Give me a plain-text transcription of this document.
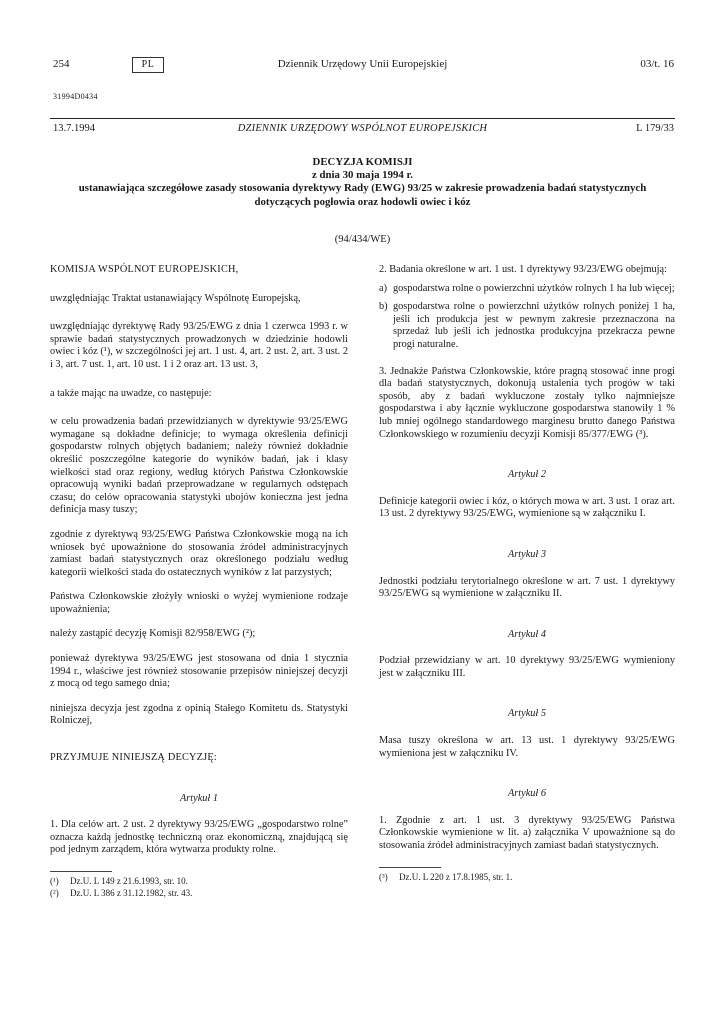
254	PL	Dziennik Urzędowy Unii Europejskiej	03/t. 16
31994D0434
13.7.1994	DZIENNIK URZĘDOWY WSPÓLNOT EUROPEJSKICH	L 179/33
DECYZJA KOMISJI
z dnia 30 maja 1994 r.
ustanawiająca szczegółowe zasady stosowania dyrektywy Rady (EWG) 93/25 w zakresie prowadzenia badań statystycznych dotyczących pogłowia oraz hodowli owiec i kóz
(94/434/WE)

KOMISJA WSPÓLNOT EUROPEJSKICH,

uwzględniając Traktat ustanawiający Wspólnotę Europejską,

uwzględniając dyrektywę Rady 93/25/EWG z dnia 1 czerwca 1993 r. w sprawie badań statystycznych prowadzonych w dziedzinie hodowli owiec i kóz (¹), w szczególności jej art. 1 ust. 4, art. 2 ust. 2, art. 3 ust. 2 i 3, art. 7 ust. 1, art. 10 ust. 1 i 2 oraz art. 13 ust. 3,

a także mając na uwadze, co następuje:

w celu prowadzenia badań przewidzianych w dyrektywie 93/25/EWG wymagane są dokładne definicje; to wymaga określenia definicji gospodarstw rolnych objętych badaniem; należy również dokładnie określić poszczególne kategorie do wyników badań, jak i klasy wielkości stad oraz regiony, według których Państwa Członkowskie opracowują wyniki badań przeprowadzane w regularnych odstępach czasu; do celów opracowania statystyki ubojów konieczna jest jedna definicja masy tuszy;

zgodnie z dyrektywą 93/25/EWG Państwa Członkowskie mogą na ich wniosek być upoważnione do stosowania źródeł administracyjnych zamiast badań statystycznych oraz określonego podziału według kategorii wielkości stada do ostatecznych wyników z lat parzystych;

Państwa Członkowskie złożyły wnioski o wyżej wymienione rodzaje upoważnienia;

należy zastąpić decyzję Komisji 82/958/EWG (²);

ponieważ dyrektywa 93/25/EWG jest stosowana od dnia 1 stycznia 1994 r., właściwe jest również stosowanie przepisów niniejszej decyzji z mocą od tego samego dnia;

niniejsza decyzja jest zgodna z opinią Stałego Komitetu ds. Statystyki Rolniczej,

PRZYJMUJE NINIEJSZĄ DECYZJĘ:

Artykuł 1

1. Dla celów art. 2 ust. 2 dyrektywy 93/25/EWG „gospodarstwo rolne” oznacza każdą jednostkę techniczną oraz ekonomiczną, znajdującą się pod jednym zarządem, która wytwarza produkty rolne.

(¹)	Dz.U. L 149 z 21.6.1993, str. 10.
(²)	Dz.U. L 386 z 31.12.1982, str. 43.

2. Badania określone w art. 1 ust. 1 dyrektywy 93/23/EWG obejmują:

a) gospodarstwa rolne o powierzchni użytków rolnych 1 ha lub więcej;
b) gospodarstwa rolne o powierzchni użytków rolnych poniżej 1 ha, jeśli ich produkcja jest w pewnym zakresie przeznaczona na sprzedaż lub jeśli ich jednostka produkcyjna przekracza pewne progi naturalne.

3. Jednakże Państwa Członkowskie, które pragną stosować inne progi dla badań statystycznych, dokonują ustalenia tych progów w taki sposób, aby z badań wykluczone zostały tylko najmniejsze gospodarstwa i aby łącznie wykluczone gospodarstwa stanowiły 1 % lub mniej ogólnego standardowego marginesu brutto danego Państwa Członkowskiego w rozumieniu decyzji Komisji 85/377/EWG (³).

Artykuł 2

Definicje kategorii owiec i kóz, o których mowa w art. 3 ust. 1 oraz art. 13 ust. 2 dyrektywy 93/25/EWG, wymienione są w załączniku I.

Artykuł 3

Jednostki podziału terytorialnego określone w art. 7 ust. 1 dyrektywy 93/25/EWG są wymienione w załączniku II.

Artykuł 4

Podział przewidziany w art. 10 dyrektywy 93/25/EWG wymieniony jest w załączniku III.

Artykuł 5

Masa tuszy określona w art. 13 ust. 1 dyrektywy 93/25/EWG wymieniona jest w załączniku IV.

Artykuł 6

1. Zgodnie z art. 1 ust. 3 dyrektywy 93/25/EWG Państwa Członkowskie wymienione w lit. a) załącznika V upoważnione są do stosowania źródeł administracyjnych zamiast badań statystycznych.

(³)	Dz.U. L 220 z 17.8.1985, str. 1.
